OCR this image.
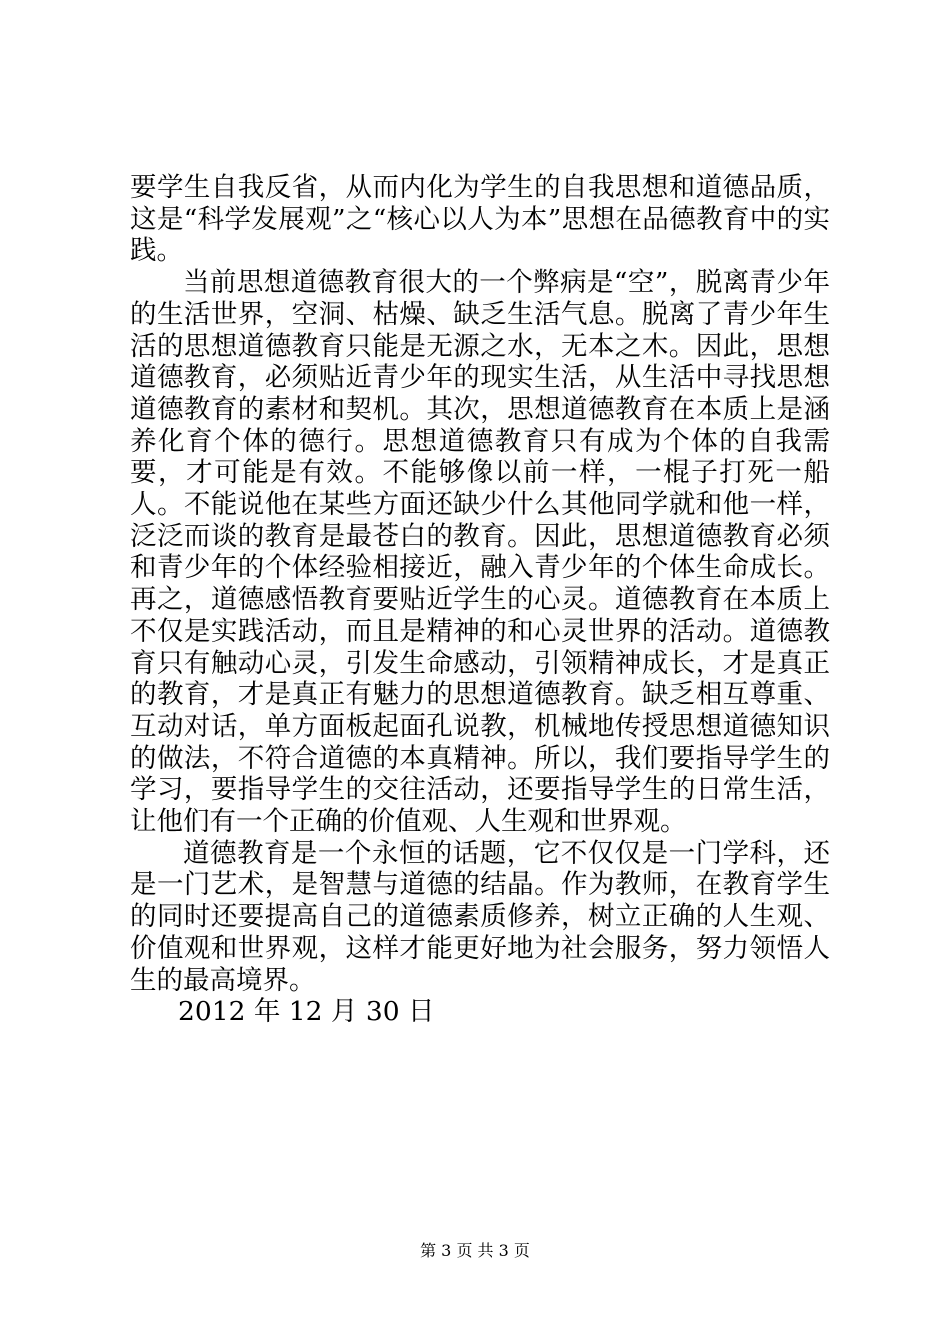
要学生自我反省，从而内化为学生的自我思想和道德品质，这是“科学发展观”之“核心以人为本”思想在品德教育中的实践。

当前思想道德教育很大的一个弊病是“空”，脱离青少年的生活世界，空洞、枯燥、缺乏生活气息。脱离了青少年生活的思想道德教育只能是无源之水，无本之木。因此，思想道德教育，必须贴近青少年的现实生活，从生活中寻找思想道德教育的素材和契机。其次，思想道德教育在本质上是涵养化育个体的德行。思想道德教育只有成为个体的自我需要，才可能是有效。不能够像以前一样，一棍子打死一船人。不能说他在某些方面还缺少什么其他同学就和他一样，泛泛而谈的教育是最苍白的教育。因此，思想道德教育必须和青少年的个体经验相接近，融入青少年的个体生命成长。再之，道德感悟教育要贴近学生的心灵。道德教育在本质上不仅是实践活动，而且是精神的和心灵世界的活动。道德教育只有触动心灵，引发生命感动，引领精神成长，才是真正的教育，才是真正有魅力的思想道德教育。缺乏相互尊重、互动对话，单方面板起面孔说教，机械地传授思想道德知识的做法，不符合道德的本真精神。所以，我们要指导学生的学习，要指导学生的交往活动，还要指导学生的日常生活，让他们有一个正确的价值观、人生观和世界观。

道德教育是一个永恒的话题，它不仅仅是一门学科，还是一门艺术，是智慧与道德的结晶。作为教师，在教育学生的同时还要提高自己的道德素质修养，树立正确的人生观、价值观和世界观，这样才能更好地为社会服务，努力领悟人生的最高境界。

2012 年 12 月 30 日

第 3 页 共 3 页
